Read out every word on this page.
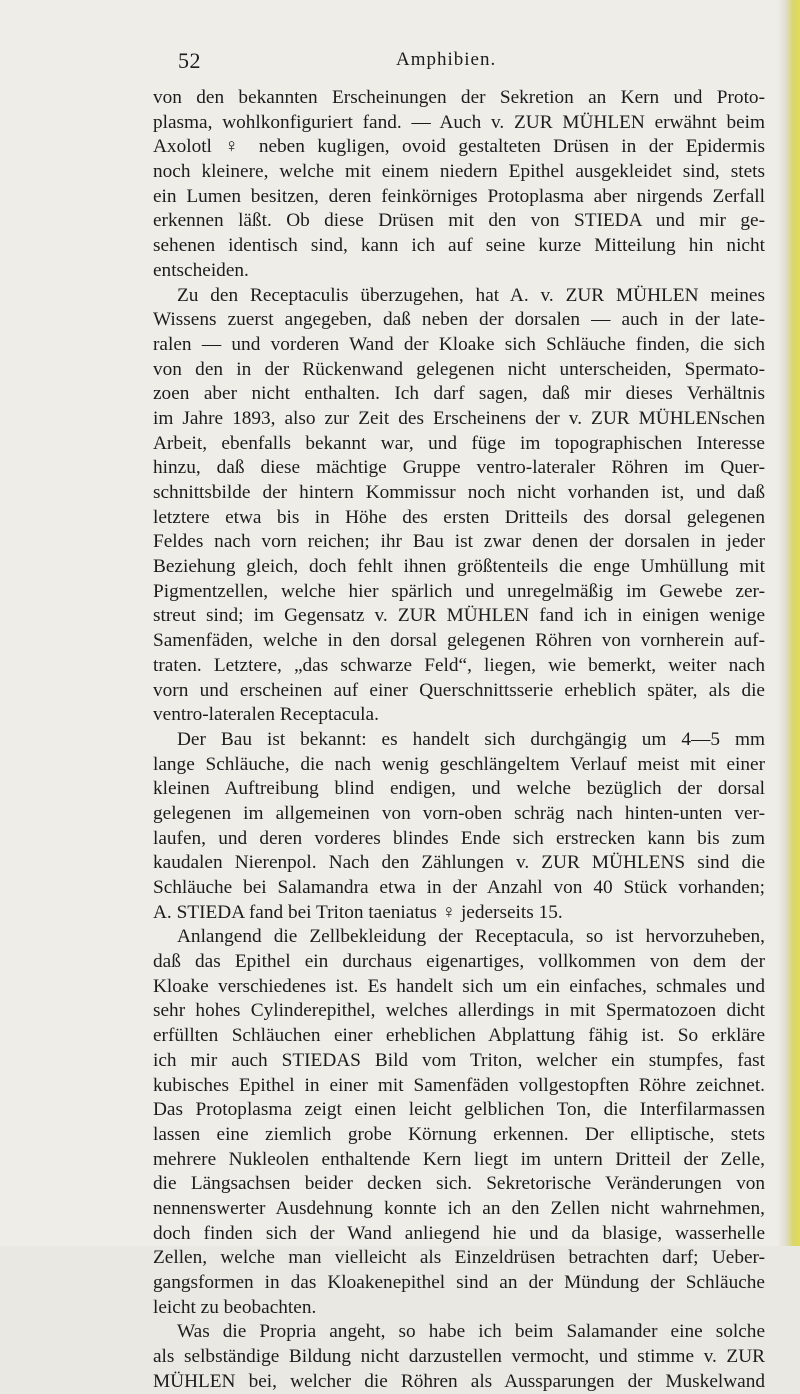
52	Amphibien.
von den bekannten Erscheinungen der Sekretion an Kern und Proto-
plasma, wohlkonfiguriert fand. — Auch v. ZUR MÜHLEN erwähnt beim
Axolotl ♀ neben kugligen, ovoid gestalteten Drüsen in der Epidermis
noch kleinere, welche mit einem niedern Epithel ausgekleidet sind, stets
ein Lumen besitzen, deren feinkörniges Protoplasma aber nirgends Zerfall
erkennen läßt. Ob diese Drüsen mit den von STIEDA und mir ge-
sehenen identisch sind, kann ich auf seine kurze Mitteilung hin nicht
entscheiden.
Zu den Receptaculis überzugehen, hat A. v. ZUR MÜHLEN meines
Wissens zuerst angegeben, daß neben der dorsalen — auch in der late-
ralen — und vorderen Wand der Kloake sich Schläuche finden, die sich
von den in der Rückenwand gelegenen nicht unterscheiden, Spermato-
zoen aber nicht enthalten. Ich darf sagen, daß mir dieses Verhältnis
im Jahre 1893, also zur Zeit des Erscheinens der v. ZUR MÜHLENschen
Arbeit, ebenfalls bekannt war, und füge im topographischen Interesse
hinzu, daß diese mächtige Gruppe ventro-lateraler Röhren im Quer-
schnittsbilde der hintern Kommissur noch nicht vorhanden ist, und daß
letztere etwa bis in Höhe des ersten Dritteils des dorsal gelegenen
Feldes nach vorn reichen; ihr Bau ist zwar denen der dorsalen in jeder
Beziehung gleich, doch fehlt ihnen größtenteils die enge Umhüllung mit
Pigmentzellen, welche hier spärlich und unregelmäßig im Gewebe zer-
streut sind; im Gegensatz v. ZUR MÜHLEN fand ich in einigen wenige
Samenfäden, welche in den dorsal gelegenen Röhren von vornherein auf-
traten. Letztere, „das schwarze Feld“, liegen, wie bemerkt, weiter nach
vorn und erscheinen auf einer Querschnittsserie erheblich später, als die
ventro-lateralen Receptacula.
Der Bau ist bekannt: es handelt sich durchgängig um 4—5 mm
lange Schläuche, die nach wenig geschlängeltem Verlauf meist mit einer
kleinen Auftreibung blind endigen, und welche bezüglich der dorsal
gelegenen im allgemeinen von vorn-oben schräg nach hinten-unten ver-
laufen, und deren vorderes blindes Ende sich erstrecken kann bis zum
kaudalen Nierenpol. Nach den Zählungen v. ZUR MÜHLENS sind die
Schläuche bei Salamandra etwa in der Anzahl von 40 Stück vorhanden;
A. STIEDA fand bei Triton taeniatus ♀ jederseits 15.
Anlangend die Zellbekleidung der Receptacula, so ist hervorzuheben,
daß das Epithel ein durchaus eigenartiges, vollkommen von dem der
Kloake verschiedenes ist. Es handelt sich um ein einfaches, schmales und
sehr hohes Cylinderepithel, welches allerdings in mit Spermatozoen dicht
erfüllten Schläuchen einer erheblichen Abplattung fähig ist. So erkläre
ich mir auch STIEDAS Bild vom Triton, welcher ein stumpfes, fast
kubisches Epithel in einer mit Samenfäden vollgestopften Röhre zeichnet.
Das Protoplasma zeigt einen leicht gelblichen Ton, die Interfilarmassen
lassen eine ziemlich grobe Körnung erkennen. Der elliptische, stets
mehrere Nukleolen enthaltende Kern liegt im untern Dritteil der Zelle,
die Längsachsen beider decken sich. Sekretorische Veränderungen von
nennenswerter Ausdehnung konnte ich an den Zellen nicht wahrnehmen,
doch finden sich der Wand anliegend hie und da blasige, wasserhelle
Zellen, welche man vielleicht als Einzeldrüsen betrachten darf; Ueber-
gangsformen in das Kloakenepithel sind an der Mündung der Schläuche
leicht zu beobachten.
Was die Propria angeht, so habe ich beim Salamander eine solche
als selbständige Bildung nicht darzustellen vermocht, und stimme v. ZUR
MÜHLEN bei, welcher die Röhren als Aussparungen der Muskelwand
